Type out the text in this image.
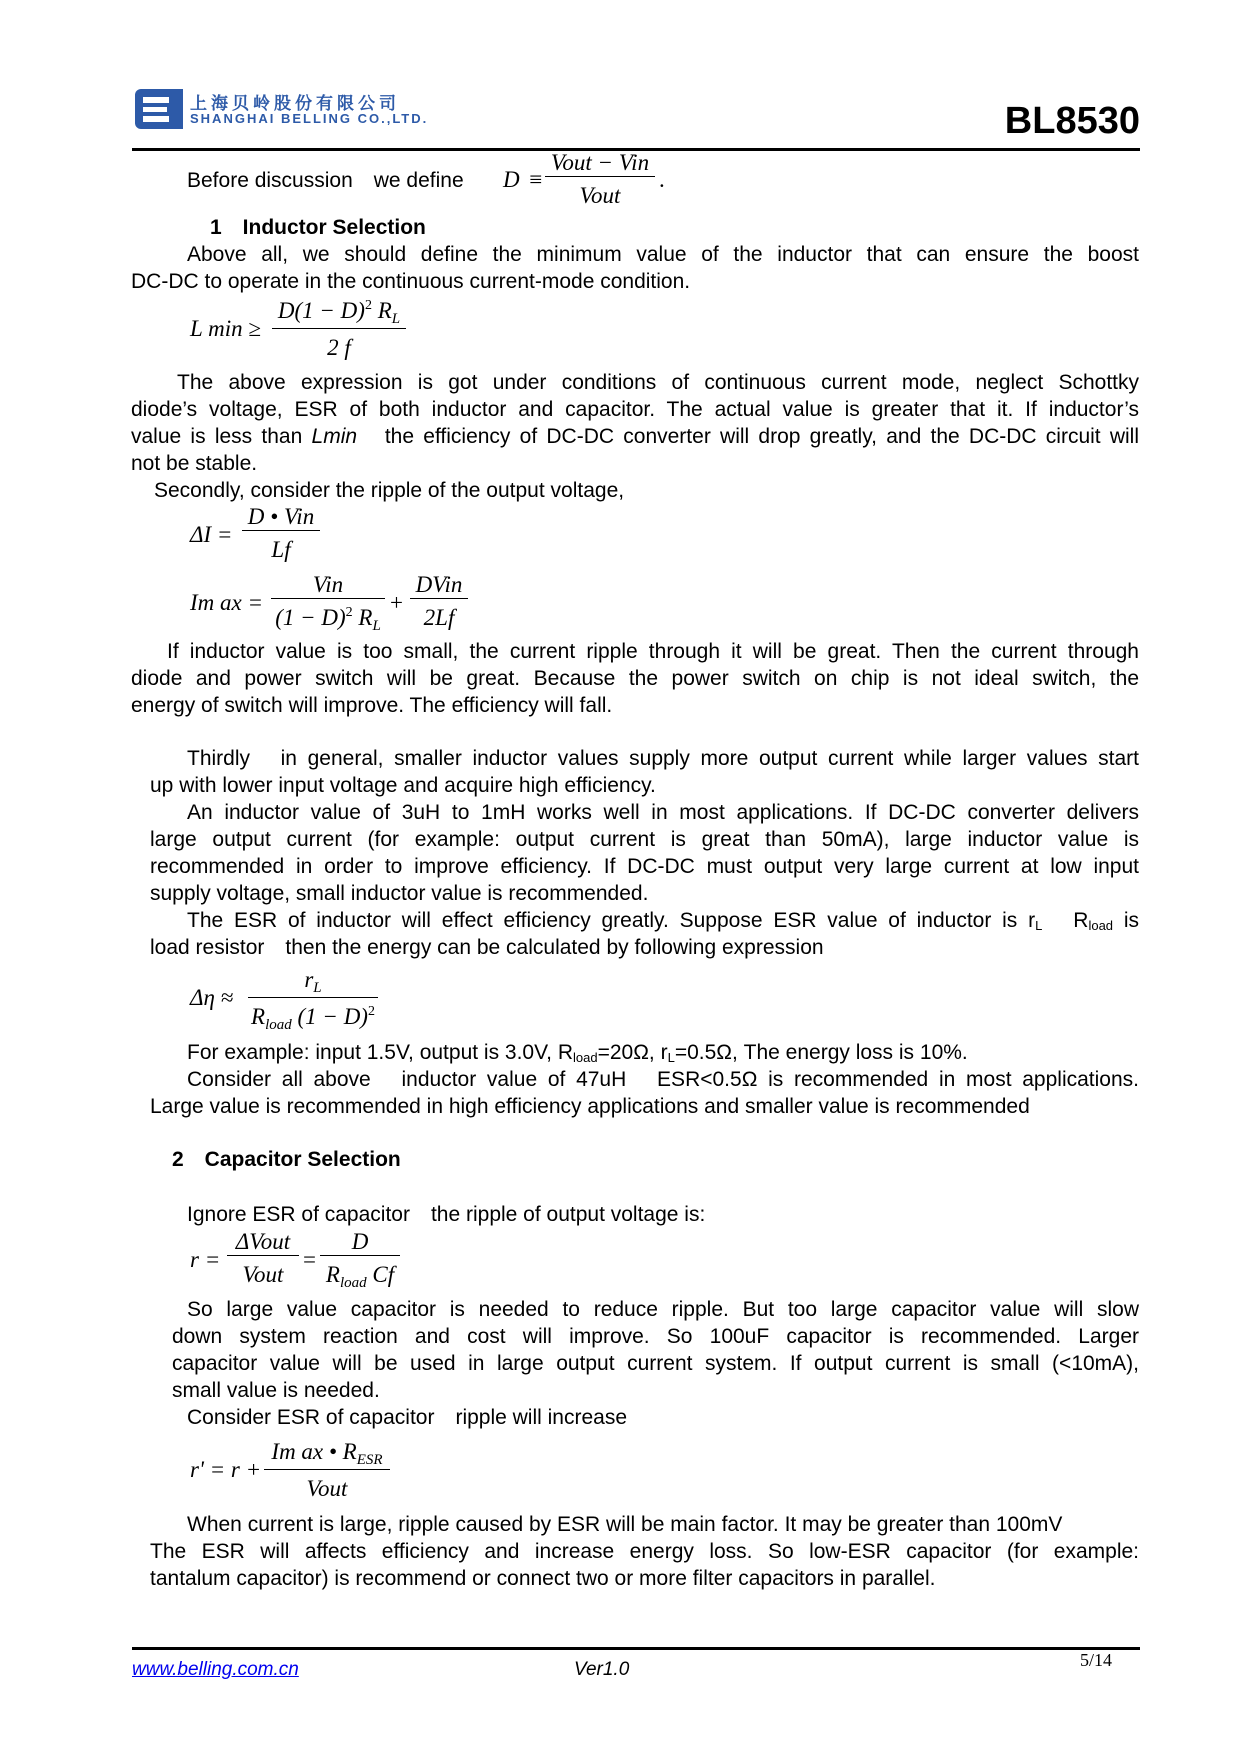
上海贝岭股份有限公司
SHANGHAI BELLING CO.,LTD.	BL8530

Before discussion　we define D ≡
Vout − Vin
Vout
.

1　Inductor Selection

Above all, we should define the minimum value of the inductor that can ensure the boost
DC-DC to operate in the continuous current-mode condition.
L min ≥
$D(1 - D)^2$ $R_L$
2 f
The above expression is got under conditions of continuous current mode, neglect Schottky
diode’s voltage, ESR of both inductor and capacitor. The actual value is greater that it. If inductor’s
value is less than Lmin　 the efficiency of DC-DC converter will drop greatly, and the DC-DC circuit will
not be stable.

Secondly, consider the ripple of the output voltage,

ΔI =
D • Vin
Lf
Im ax =
Vin
$(1 - D)^2$ $R_L$
+
DVin
2Lf
If inductor value is too small, the current ripple through it will be great. Then the current through
diode and power switch will be great. Because the power switch on chip is not ideal switch, the
energy of switch will improve. The efficiency will fall.
Thirdly　in general, smaller inductor values supply more output current while larger values start
up with lower input voltage and acquire high efficiency.
An inductor value of 3uH to 1mH works well in most applications. If DC-DC converter delivers
large output current (for example: output current is great than 50mA), large inductor value is
recommended in order to improve efficiency. If DC-DC must output very large current at low input
supply voltage, small inductor value is recommended.
The ESR of inductor will effect efficiency greatly. Suppose ESR value of inductor is $r_L$　$R_{load}$ is
load resistor　then the energy can be calculated by following expression
Δη ≈
$r_L$
$R_{load}$ $(1 - D)^2$

For example: input 1.5V, output is 3.0V, $R_{load}=20\Omega$, $r_L=0.5\Omega$, The energy loss is 10%.

Consider all above　inductor value of 47uH　ESR<0.5Ω is recommended in most applications.
Large value is recommended in high efficiency applications and smaller value is recommended

2　Capacitor Selection

Ignore ESR of capacitor　the ripple of output voltage is:

r =
ΔVout
Vout
=
D
$R_{load}$ Cf
So large value capacitor is needed to reduce ripple. But too large capacitor value will slow
down system reaction and cost will improve. So 100uF capacitor is recommended. Larger
capacitor value will be used in large output current system. If output current is small (<10mA),
small value is needed.

Consider ESR of capacitor　ripple will increase

r' = r +
Im ax • $R_{ESR}$
Vout
When current is large, ripple caused by ESR will be main factor. It may be greater than 100mV
The ESR will affects efficiency and increase energy loss. So low-ESR capacitor (for example:
tantalum capacitor) is recommend or connect two or more filter capacitors in parallel.
www.belling.com.cn	Ver1.0	5/14
